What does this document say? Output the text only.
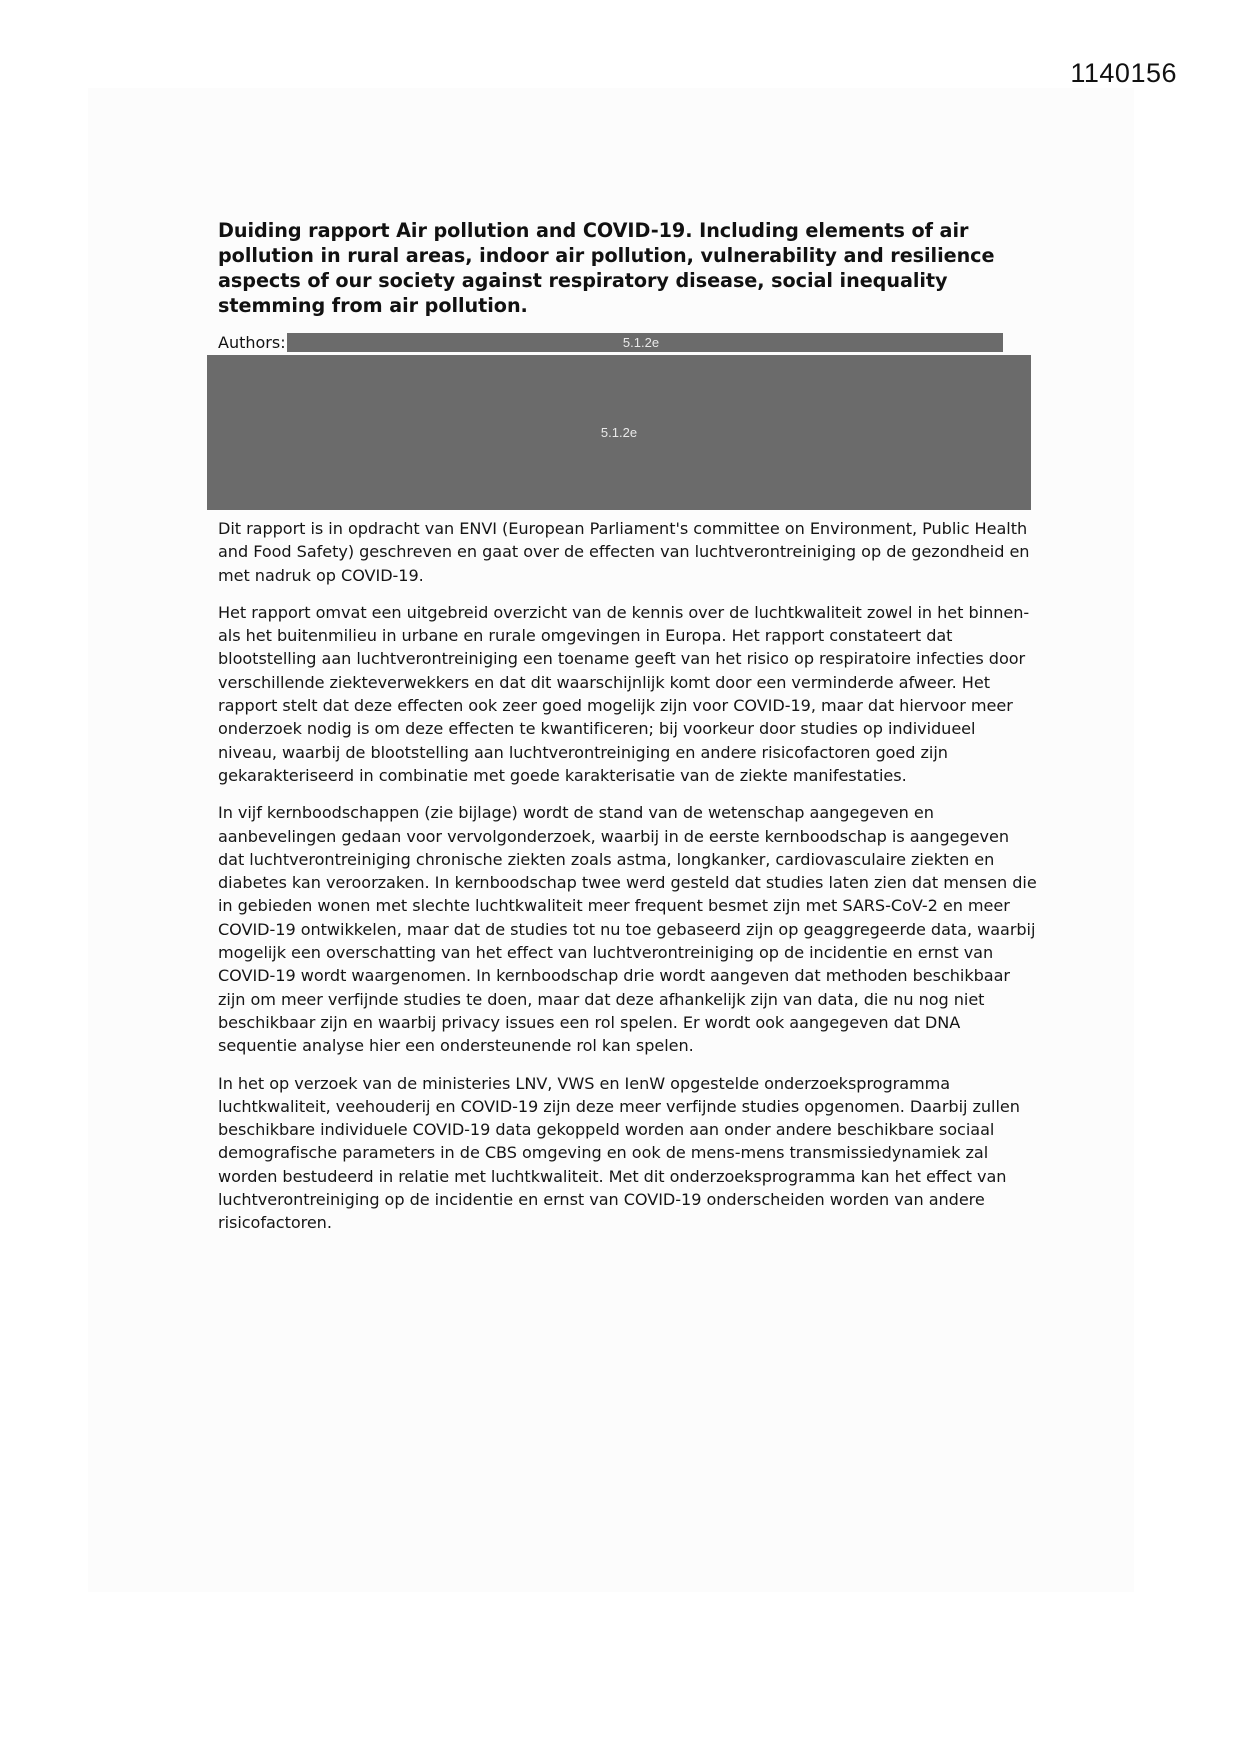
1140156
Duiding rapport Air pollution and COVID-19. Including elements of air pollution in rural areas, indoor air pollution, vulnerability and resilience aspects of our society against respiratory disease, social inequality stemming from air pollution.
Authors:	5.1.2e
5.1.2e

Dit rapport is in opdracht van ENVI (European Parliament's committee on Environment, Public Health and Food Safety) geschreven en gaat over de effecten van luchtverontreiniging op de gezondheid en met nadruk op COVID-19.

Het rapport omvat een uitgebreid overzicht van de kennis over de luchtkwaliteit zowel in het binnen- als het buitenmilieu in urbane en rurale omgevingen in Europa. Het rapport constateert dat blootstelling aan luchtverontreiniging een toename geeft van het risico op respiratoire infecties door verschillende ziekteverwekkers en dat dit waarschijnlijk komt door een verminderde afweer. Het rapport stelt dat deze effecten ook zeer goed mogelijk zijn voor COVID-19, maar dat hiervoor meer onderzoek nodig is om deze effecten te kwantificeren; bij voorkeur door studies op individueel niveau, waarbij de blootstelling aan luchtverontreiniging en andere risicofactoren goed zijn gekarakteriseerd in combinatie met goede karakterisatie van de ziekte manifestaties.

In vijf kernboodschappen (zie bijlage) wordt de stand van de wetenschap aangegeven en aanbevelingen gedaan voor vervolgonderzoek, waarbij in de eerste kernboodschap is aangegeven dat luchtverontreiniging chronische ziekten zoals astma, longkanker, cardiovasculaire ziekten en diabetes kan veroorzaken. In kernboodschap twee werd gesteld dat studies laten zien dat mensen die in gebieden wonen met slechte luchtkwaliteit meer frequent besmet zijn met SARS-CoV-2 en meer COVID-19 ontwikkelen, maar dat de studies tot nu toe gebaseerd zijn op geaggregeerde data, waarbij mogelijk een overschatting van het effect van luchtverontreiniging op de incidentie en ernst van COVID-19 wordt waargenomen. In kernboodschap drie wordt aangeven dat methoden beschikbaar zijn om meer verfijnde studies te doen, maar dat deze afhankelijk zijn van data, die nu nog niet beschikbaar zijn en waarbij privacy issues een rol spelen. Er wordt ook aangegeven dat DNA sequentie analyse hier een ondersteunende rol kan spelen.

In het op verzoek van de ministeries LNV, VWS en IenW opgestelde onderzoeksprogramma luchtkwaliteit, veehouderij en COVID-19 zijn deze meer verfijnde studies opgenomen. Daarbij zullen beschikbare individuele COVID-19 data gekoppeld worden aan onder andere beschikbare sociaal demografische parameters in de CBS omgeving en ook de mens-mens transmissiedynamiek zal worden bestudeerd in relatie met luchtkwaliteit. Met dit onderzoeksprogramma kan het effect van luchtverontreiniging op de incidentie en ernst van COVID-19 onderscheiden worden van andere risicofactoren.
